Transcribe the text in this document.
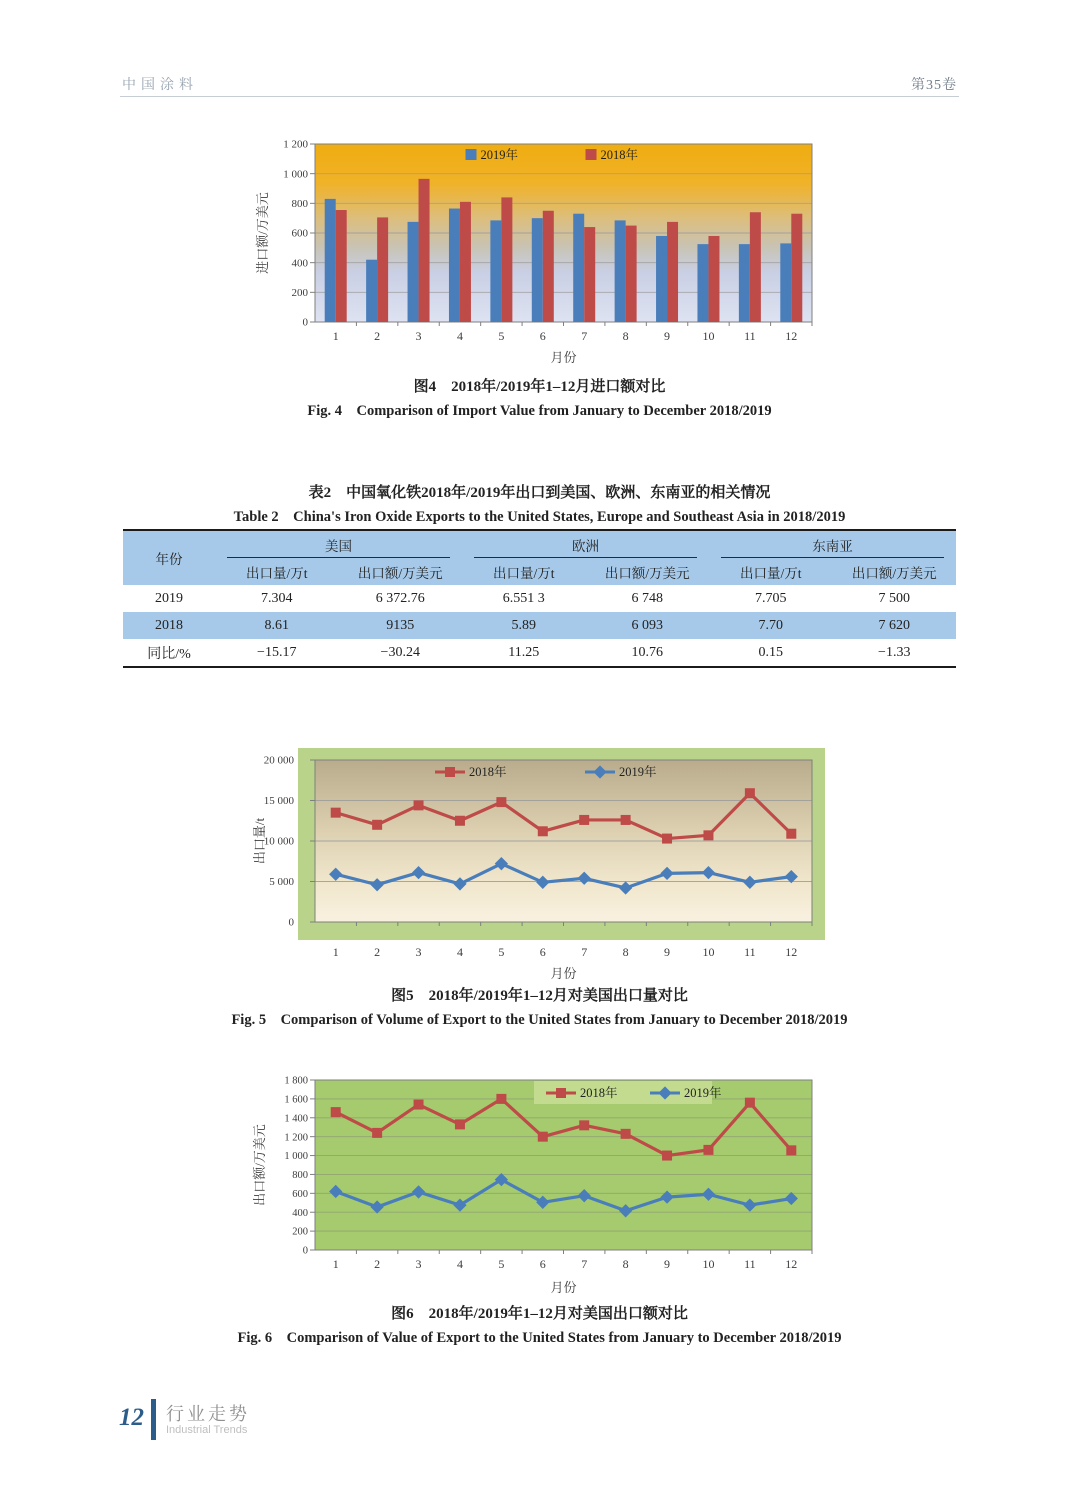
中国涂料	第35卷
0
200
400
600
800
1 000
1 200
1	2	3	4	5	6	7	8	9	10 11 12
月份
进口额/万美元
2019年	2018年
图4　2018年/2019年1–12月进口额对比
Fig. 4　Comparison of Import Value from January to December 2018/2019
表2　中国氧化铁2018年/2019年出口到美国、欧洲、东南亚的相关情况
Table 2　China's Iron Oxide Exports to the United States, Europe and Southeast Asia in 2018/2019
年份
美国	欧洲	东南亚
出口量/万t	出口额/万美元	出口量/万t	出口额/万美元	出口量/万t	出口额/万美元
2019	7.304	6 372.76	6.551 3	6 748	7.705	7 500
2018	8.61	9135	5.89	6 093	7.70	7 620
同比/%	−15.17	−30.24	11.25	10.76	0.15	−1.33
0
5 000
10 000
15 000
20 000
1	2	3	4	5	6	7	8	9	10 11 12
月份
出口量/t
2018年	2019年
图5　2018年/2019年1–12月对美国出口量对比
Fig. 5　Comparison of Volume of Export to the United States from January to December 2018/2019
0
200
400
600
800
1 000
1 200
1 400
1 600
1 800
1	2	3	4	5	6	7	8	9	10 11 12
月份
出口额/万美元
2018年	2019年
图6　2018年/2019年1–12月对美国出口额对比
Fig. 6　Comparison of Value of Export to the United States from January to December 2018/2019
12 行业走势
Industrial Trends
